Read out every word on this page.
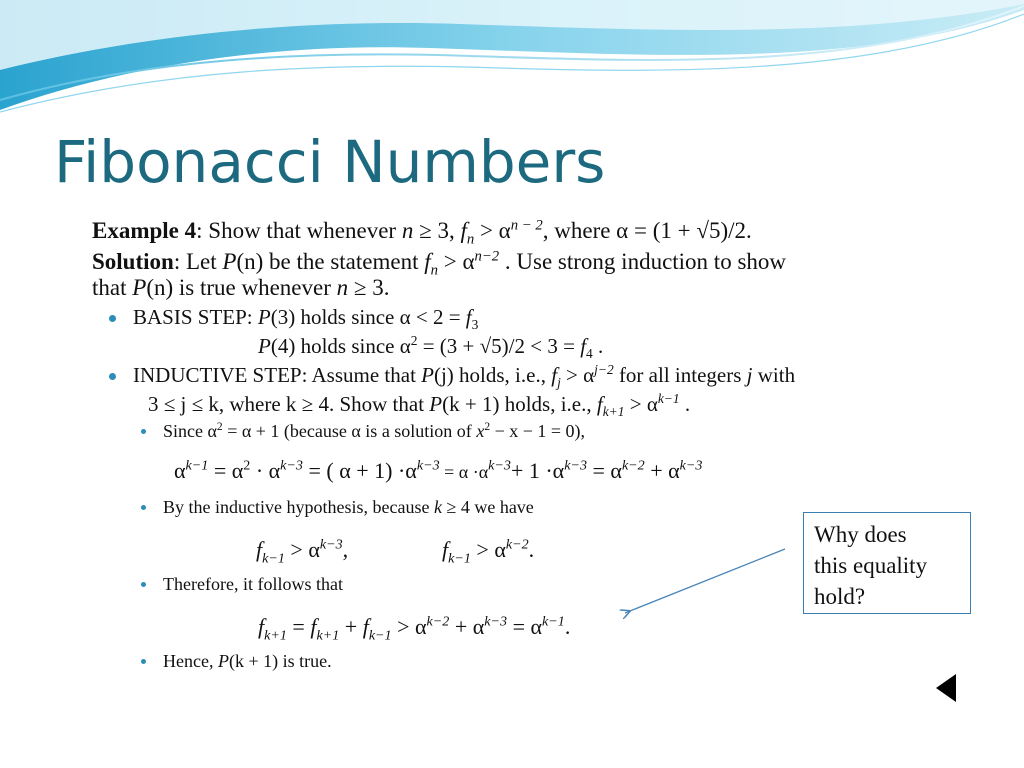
Fibonacci Numbers
Example 4: Show that whenever n ≥ 3, $f_n > \alpha^{n - 2}$, where α = (1 + √5)/2.
Solution: Let P(n) be the statement $f_n > \alpha^{n-2}$ . Use strong induction to show
that P(n) is true whenever n ≥ 3.
BASIS STEP: P(3) holds since $\alpha < 2 = f_3$
P(4) holds since $\alpha^2 = (3 + √5)/2 < 3 = f_4$ .
INDUCTIVE STEP: Assume that P(j) holds, i.e., $f_j > \alpha^{j-2}$ for all integers j with
3 ≤ j ≤ k, where k ≥ 4. Show that P(k + 1) holds, i.e., $f_{k+1} > \alpha^{k-1}$ .
Since $\alpha^2 = \alpha + 1$ (because α is a solution of $x^2 - x - 1 = 0$),
$\alpha^{k-1} = \alpha^2 \cdot \alpha^{k-3}$ = ( $\alpha + 1) \cdot\alpha^{k-3} = \alpha \cdot\alpha^{k-3}+ 1 \cdot\alpha^{k-3} = \alpha^{k-2} + \alpha^{k-3}$
By the inductive hypothesis, because k ≥ 4 we have
$f_{k-1} > \alpha^{k-3}$,	$f_{k-1} > \alpha^{k-2}$.
Therefore, it follows that
$f_{k+1} = f_{k+1} + f_{k-1} > \alpha^{k-2} + \alpha^{k-3} = \alpha^{k-1}$.
Hence, P(k + 1) is true.
Why does
this equality
hold?
